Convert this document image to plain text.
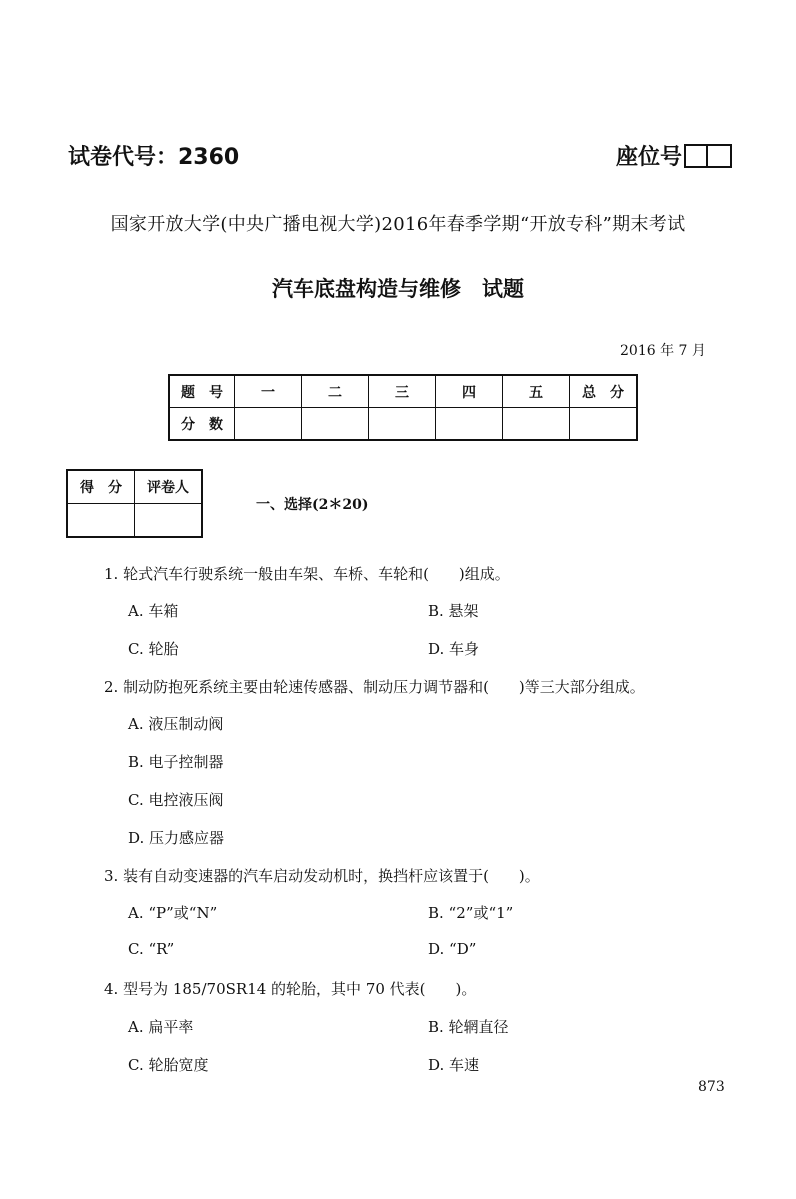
试卷代号：2360	座位号
国家开放大学(中央广播电视大学)2016年春季学期“开放专科”期末考试
汽车底盘构造与维修　试题
2016 年 7 月
题　号	一	二	三	四	五	总　分
分　数						
得　分	评卷人

一、选择(2＊20)
1. 轮式汽车行驶系统一般由车架、车桥、车轮和(　　)组成。
A. 车箱	B. 悬架
C. 轮胎	D. 车身
2. 制动防抱死系统主要由轮速传感器、制动压力调节器和(　　)等三大部分组成。
A. 液压制动阀
B. 电子控制器
C. 电控液压阀
D. 压力感应器
3. 装有自动变速器的汽车启动发动机时，换挡杆应该置于(　　)。
A. “P”或“N”	B. “2”或“1”
C. “R”	D. “D”
4. 型号为 185/70SR14 的轮胎，其中 70 代表(　　)。
A. 扁平率	B. 轮辋直径
C. 轮胎宽度	D. 车速
873
